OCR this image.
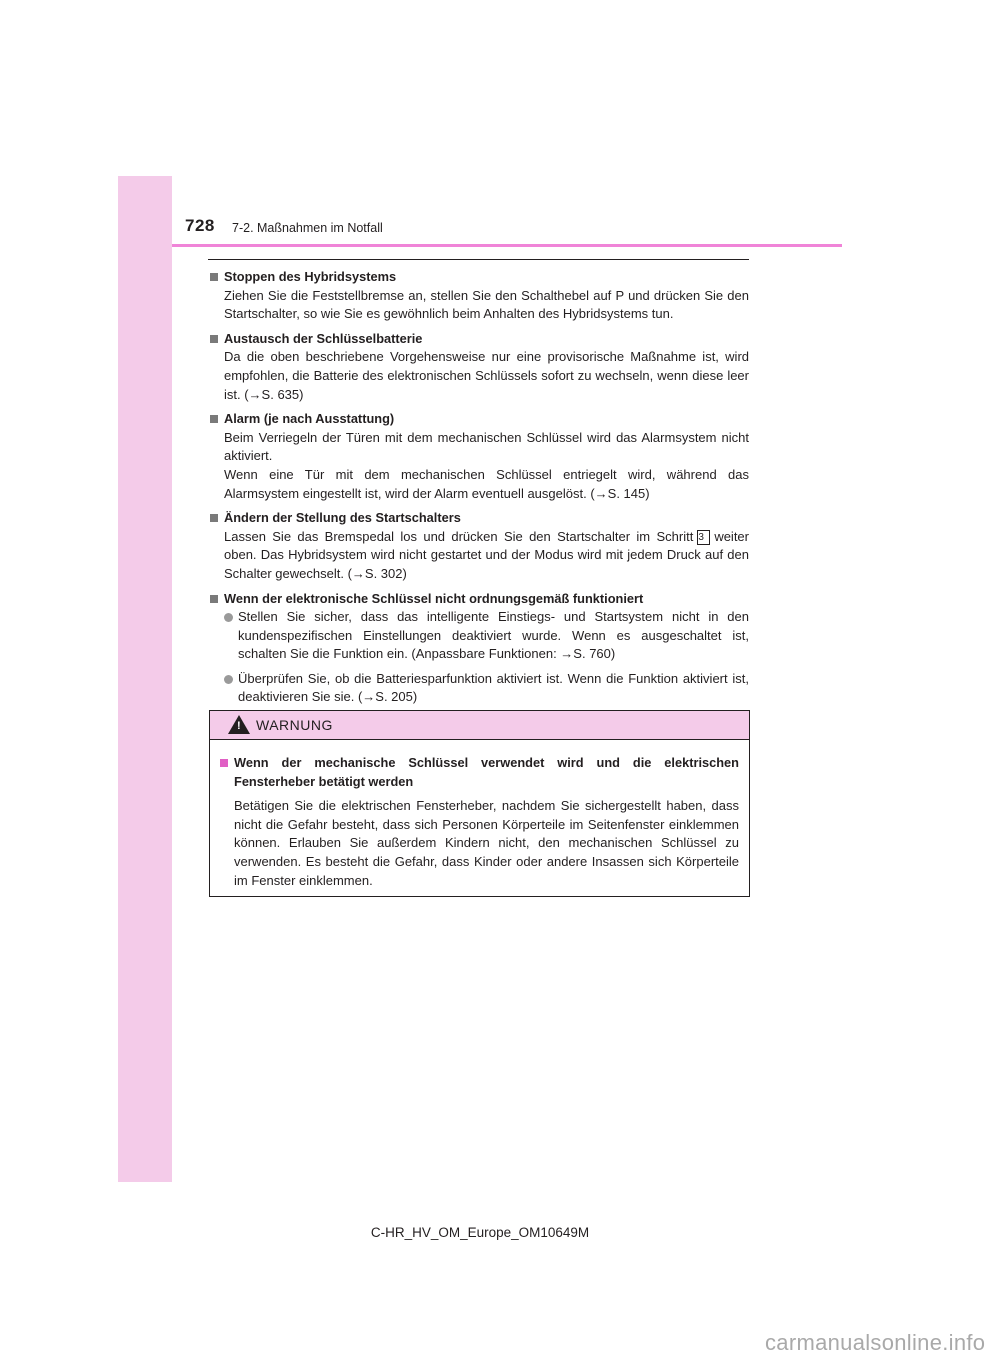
728 7-2. Maßnahmen im Notfall
Stoppen des Hybridsystems

Ziehen Sie die Feststellbremse an, stellen Sie den Schalthebel auf P und drücken Sie den Startschalter, so wie Sie es gewöhnlich beim Anhalten des Hybridsystems tun.

Austausch der Schlüsselbatterie

Da die oben beschriebene Vorgehensweise nur eine provisorische Maßnahme ist, wird empfohlen, die Batterie des elektronischen Schlüssels sofort zu wechseln, wenn diese leer ist. (→S. 635)

Alarm (je nach Ausstattung)

Beim Verriegeln der Türen mit dem mechanischen Schlüssel wird das Alarmsystem nicht aktiviert.

Wenn eine Tür mit dem mechanischen Schlüssel entriegelt wird, während das Alarmsystem eingestellt ist, wird der Alarm eventuell ausgelöst. (→S. 145)

Ändern der Stellung des Startschalters

Lassen Sie das Bremspedal los und drücken Sie den Startschalter im Schritt 3 weiter oben. Das Hybridsystem wird nicht gestartet und der Modus wird mit jedem Druck auf den Schalter gewechselt. (→S. 302)

Wenn der elektronische Schlüssel nicht ordnungsgemäß funktioniert
Stellen Sie sicher, dass das intelligente Einstiegs- und Startsystem nicht in den kundenspezifischen Einstellungen deaktiviert wurde. Wenn es ausgeschaltet ist, schalten Sie die Funktion ein. (Anpassbare Funktionen: →S. 760)
Überprüfen Sie, ob die Batteriesparfunktion aktiviert ist. Wenn die Funktion aktiviert ist, deaktivieren Sie sie. (→S. 205)
! WARNUNG
Wenn der mechanische Schlüssel verwendet wird und die elektrischen Fensterheber betätigt werden
Betätigen Sie die elektrischen Fensterheber, nachdem Sie sichergestellt haben, dass nicht die Gefahr besteht, dass sich Personen Körperteile im Seitenfenster einklemmen können. Erlauben Sie außerdem Kindern nicht, den mechanischen Schlüssel zu verwenden. Es besteht die Gefahr, dass Kinder oder andere Insassen sich Körperteile im Fenster einklemmen.
C-HR_HV_OM_Europe_OM10649M
carmanualsonline.info
